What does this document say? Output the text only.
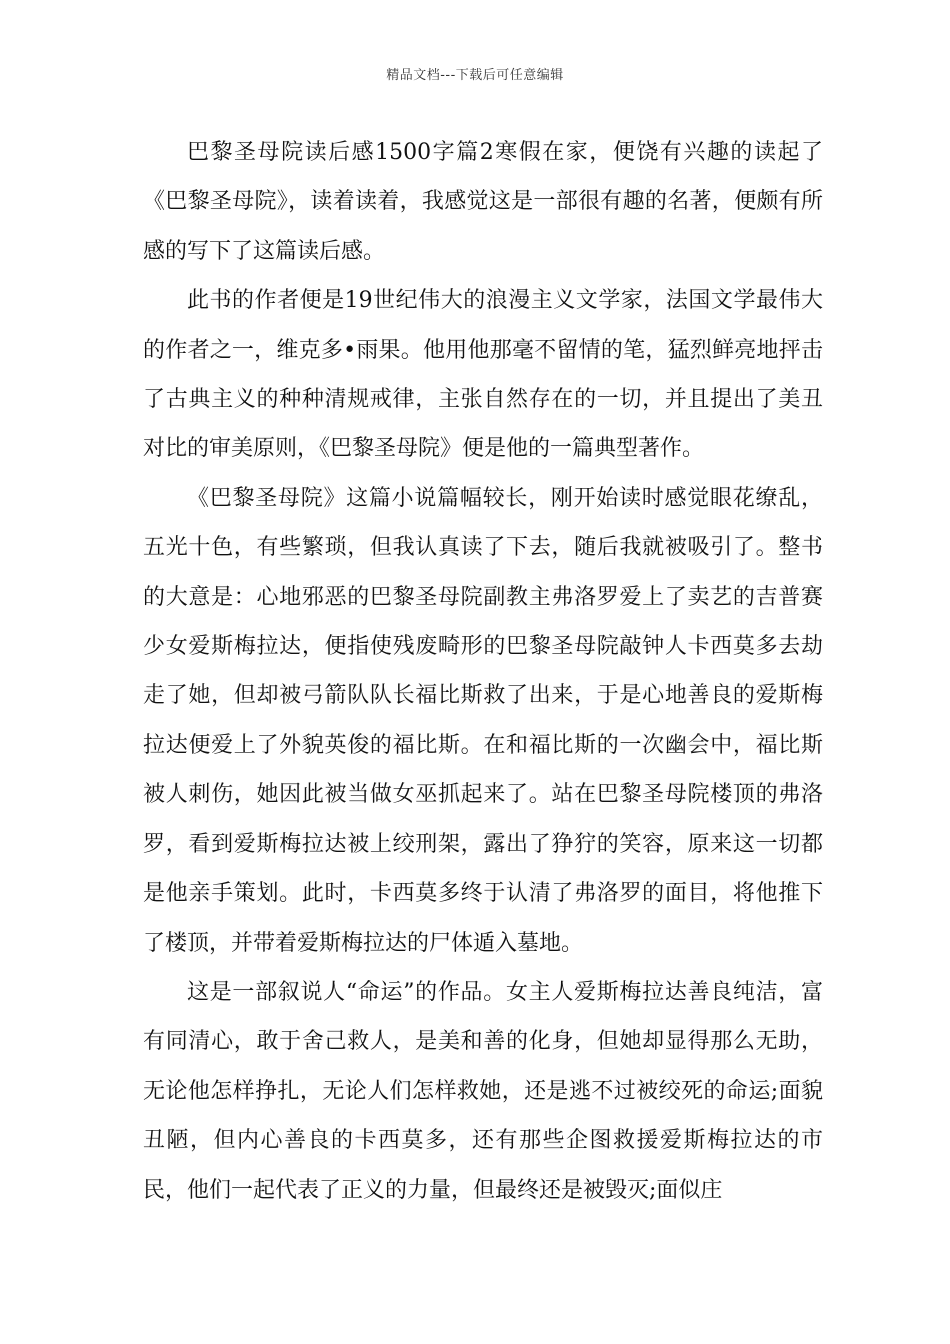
精品文档---下载后可任意编辑

巴黎圣母院读后感1500字篇2寒假在家，便饶有兴趣的读起了《巴黎圣母院》，读着读着，我感觉这是一部很有趣的名著，便颇有所感的写下了这篇读后感。

此书的作者便是19世纪伟大的浪漫主义文学家，法国文学最伟大的作者之一，维克多•雨果。他用他那毫不留情的笔，猛烈鲜亮地抨击了古典主义的种种清规戒律，主张自然存在的一切，并且提出了美丑对比的审美原则，《巴黎圣母院》便是他的一篇典型著作。

《巴黎圣母院》这篇小说篇幅较长，刚开始读时感觉眼花缭乱，五光十色，有些繁琐，但我认真读了下去，随后我就被吸引了。整书的大意是：心地邪恶的巴黎圣母院副教主弗洛罗爱上了卖艺的吉普赛少女爱斯梅拉达，便指使残废畸形的巴黎圣母院敲钟人卡西莫多去劫走了她，但却被弓箭队队长福比斯救了出来，于是心地善良的爱斯梅拉达便爱上了外貌英俊的福比斯。在和福比斯的一次幽会中，福比斯被人刺伤，她因此被当做女巫抓起来了。站在巴黎圣母院楼顶的弗洛罗，看到爱斯梅拉达被上绞刑架，露出了狰狞的笑容，原来这一切都是他亲手策划。此时，卡西莫多终于认清了弗洛罗的面目，将他推下了楼顶，并带着爱斯梅拉达的尸体遁入墓地。

这是一部叙说人“命运”的作品。女主人爱斯梅拉达善良纯洁，富有同清心，敢于舍己救人，是美和善的化身，但她却显得那么无助，无论他怎样挣扎，无论人们怎样救她，还是逃不过被绞死的命运;面貌丑陋，但内心善良的卡西莫多，还有那些企图救援爱斯梅拉达的市民，他们一起代表了正义的力量，但最终还是被毁灭;面似庄
